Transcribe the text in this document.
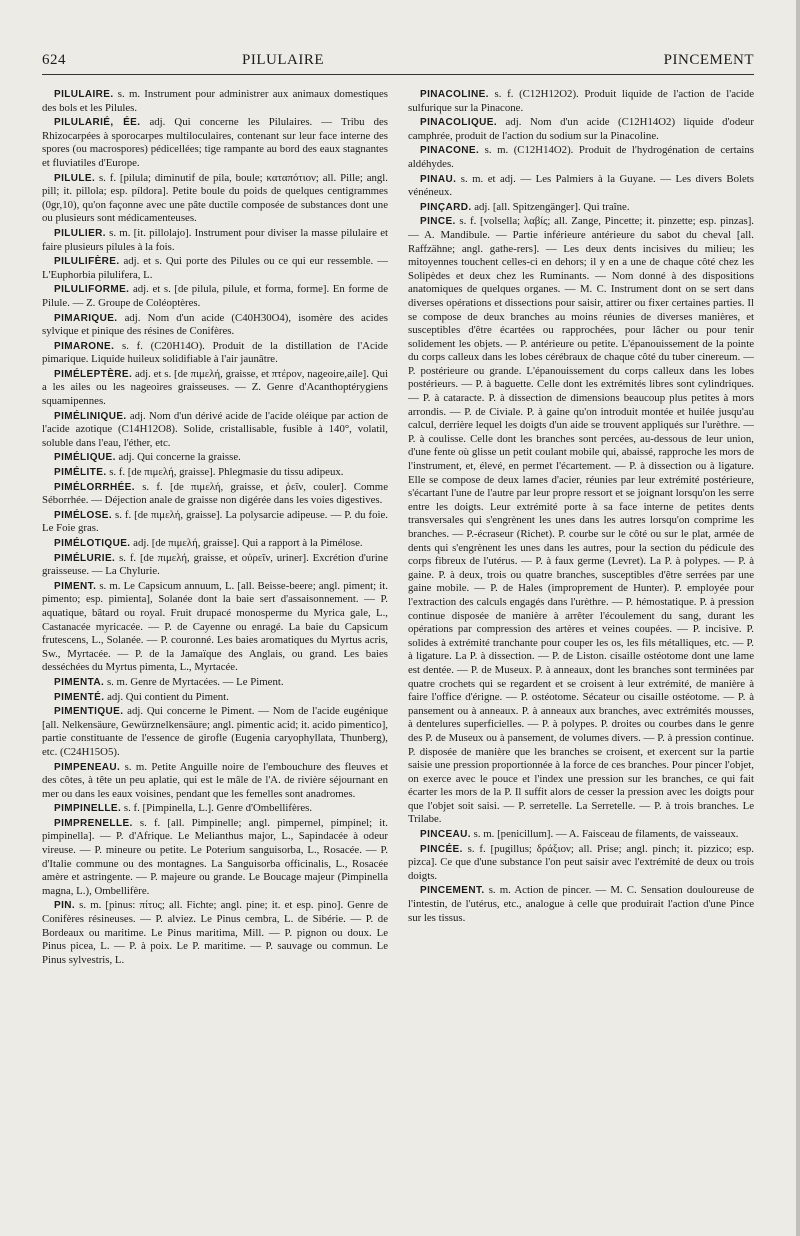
624	PILULAIRE	PINCEMENT

PILULAIRE. s. m. Instrument pour administrer aux animaux domestiques des bols et les Pilules.

PILULARIÉ, ÉE. adj. Qui concerne les Pilulaires. — Tribu des Rhizocarpées à sporocarpes multiloculaires, contenant sur leur face interne des spores (ou macrospores) pédicellées; tige rampante au bord des eaux stagnantes et fluviatiles d'Europe.

PILULE. s. f. [pilula; diminutif de pila, boule; καταπότιον; all. Pille; angl. pill; it. pillola; esp. píldora]. Petite boule du poids de quelques centigrammes (0gr,10), qu'on façonne avec une pâte ductile composée de substances dont une ou plusieurs sont médicamenteuses.

PILULIER. s. m. [it. pillolajo]. Instrument pour diviser la masse pilulaire et faire plusieurs pilules à la fois.

PILULIFÈRE. adj. et s. Qui porte des Pilules ou ce qui eur ressemble. — L'Euphorbia pilulifera, L.

PILULIFORME. adj. et s. [de pilula, pilule, et forma, forme]. En forme de Pilule. — Z. Groupe de Coléoptères.

PIMARIQUE. adj. Nom d'un acide (C40H30O4), isomère des acides sylvique et pinique des résines de Conifères.

PIMARONE. s. f. (C20H14O). Produit de la distillation de l'Acide pimarique. Liquide huileux solidifiable à l'air jaunâtre.

PIMÉLEPTÈRE. adj. et s. [de πιμελή, graisse, et πτέρον, nageoire,aile]. Qui a les ailes ou les nageoires graisseuses. — Z. Genre d'Acanthoptérygiens squamipennes.

PIMÉLINIQUE. adj. Nom d'un dérivé acide de l'acide oléique par action de l'acide azotique (C14H12O8). Solide, cristallisable, fusible à 140°, volatil, soluble dans l'eau, l'éther, etc.

PIMÉLIQUE. adj. Qui concerne la graisse.

PIMÉLITE. s. f. [de πιμελή, graisse]. Phlegmasie du tissu adipeux.

PIMÉLORRHÉE. s. f. [de πιμελή, graisse, et ῥεῖν, couler]. Comme Séborrhée. — Déjection anale de graisse non digérée dans les voies digestives.

PIMÉLOSE. s. f. [de πιμελή, graisse]. La polysarcie adipeuse. — P. du foie. Le Foie gras.

PIMÉLOTIQUE. adj. [de πιμελή, graisse]. Qui a rapport à la Pimélose.

PIMÉLURIE. s. f. [de πιμελή, graisse, et οὐρεῖν, uriner]. Excrétion d'urine graisseuse. — La Chylurie.

PIMENT. s. m. Le Capsicum annuum, L. [all. Beisse-beere; angl. piment; it. pimento; esp. pimienta], Solanée dont la baie sert d'assaisonnement. — P. aquatique, bâtard ou royal. Fruit drupacé monosperme du Myrica gale, L., Castanacée myricacée. — P. de Cayenne ou enragé. La baie du Capsicum frutescens, L., Solanée. — P. couronné. Les baies aromatiques du Myrtus acris, Sw., Myrtacée. — P. de la Jamaïque des Anglais, ou grand. Les baies desséchées du Myrtus pimenta, L., Myrtacée.

PIMENTA. s. m. Genre de Myrtacées. — Le Piment.

PIMENTÉ. adj. Qui contient du Piment.

PIMENTIQUE. adj. Qui concerne le Piment. — Nom de l'acide eugénique [all. Nelkensäure, Gewürznelkensäure; angl. pimentic acid; it. acido pimentico], partie constituante de l'essence de girofle (Eugenia caryophyllata, Thunberg), etc. (C24H15O5).

PIMPENEAU. s. m. Petite Anguille noire de l'embouchure des fleuves et des côtes, à tête un peu aplatie, qui est le mâle de l'A. de rivière séjournant en mer ou dans les eaux voisines, pendant que les femelles sont anadromes.

PIMPINELLE. s. f. [Pimpinella, L.]. Genre d'Ombellifères.

PIMPRENELLE. s. f. [all. Pimpinelle; angl. pimpernel, pimpinel; it. pimpinella]. — P. d'Afrique. Le Melianthus major, L., Sapindacée à odeur vireuse. — P. mineure ou petite. Le Poterium sanguisorba, L., Rosacée. — P. d'Italie commune ou des montagnes. La Sanguisorba officinalis, L., Rosacée amère et astringente. — P. majeure ou grande. Le Boucage majeur (Pimpinella magna, L.), Ombellifère.

PIN. s. m. [pinus: πίτυς; all. Fichte; angl. pine; it. et esp. pino]. Genre de Conifères résineuses. — P. alviez. Le Pinus cembra, L. de Sibérie. — P. de Bordeaux ou maritime. Le Pinus maritima, Mill. — P. pignon ou doux. Le Pinus picea, L. — P. à poix. Le P. maritime. — P. sauvage ou commun. Le Pinus sylvestris, L.

PINACOLINE. s. f. (C12H12O2). Produit liquide de l'action de l'acide sulfurique sur la Pinacone.

PINACOLIQUE. adj. Nom d'un acide (C12H14O2) liquide d'odeur camphrée, produit de l'action du sodium sur la Pinacoline.

PINACONE. s. m. (C12H14O2). Produit de l'hydrogénation de certains aldéhydes.

PINAU. s. m. et adj. — Les Palmiers à la Guyane. — Les divers Bolets vénéneux.

PINÇARD. adj. [all. Spitzengänger]. Qui traîne.

PINCE. s. f. [volsella; λαβίς; all. Zange, Pincette; it. pinzette; esp. pinzas]. — A. Mandibule. — Partie inférieure antérieure du sabot du cheval [all. Raffzähne; angl. gathe-rers]. — Les deux dents incisives du milieu; les mitoyennes touchent celles-ci en dehors; il y en a une de chaque côté chez les Solipèdes et deux chez les Ruminants. — Nom donné à des dispositions anatomiques de quelques organes. — M. C. Instrument dont on se sert dans diverses opérations et dissections pour saisir, attirer ou fixer certaines parties. Il se compose de deux branches au moins réunies de diverses manières, et susceptibles d'être écartées ou rapprochées, pour lâcher ou pour tenir solidement les objets. — P. antérieure ou petite. L'épanouissement de la pointe du corps calleux dans les lobes cérébraux de chaque côté du tuber cinereum. — P. postérieure ou grande. L'épanouissement du corps calleux dans les lobes postérieurs. — P. à baguette. Celle dont les extrémités libres sont cylindriques. — P. à cataracte. P. à dissection de dimensions beaucoup plus petites à mors arrondis. — P. de Civiale. P. à gaine qu'on introduit montée et huilée jusqu'au calcul, derrière lequel les doigts d'un aide se trouvent appliqués sur l'urèthre. — P. à coulisse. Celle dont les branches sont percées, au-dessous de leur union, d'une fente où glisse un petit coulant mobile qui, abaissé, rapproche les mors de l'instrument, et, élevé, en permet l'écartement. — P. à dissection ou à ligature. Elle se compose de deux lames d'acier, réunies par leur extrémité postérieure, s'écartant l'une de l'autre par leur propre ressort et se joignant lorsqu'on les serre entre les doigts. Leur extrémité porte à sa face interne de petites dents transversales qui s'engrènent les unes dans les autres lorsqu'on comprime les branches. — P.-écraseur (Richet). P. courbe sur le côté ou sur le plat, armée de dents qui s'engrènent les unes dans les autres, pour la section du pédicule des corps fibreux de l'utérus. — P. à faux germe (Levret). La P. à polypes. — P. à gaine. P. à deux, trois ou quatre branches, susceptibles d'être serrées par une gaine mobile. — P. de Hales (improprement de Hunter). P. employée pour l'extraction des calculs engagés dans l'urèthre. — P. hémostatique. P. à pression continue disposée de manière à arrêter l'écoulement du sang, durant les opérations par compression des artères et veines coupées. — P. incisive. P. solides à extrémité tranchante pour couper les os, les fils métalliques, etc. — P. à ligature. La P. à dissection. — P. de Liston. cisaille ostéotome dont une lame est dentée. — P. de Museux. P. à anneaux, dont les branches sont terminées par quatre crochets qui se regardent et se croisent à leur extrémité, de manière à faire l'office d'érigne. — P. ostéotome. Sécateur ou cisaille ostéotome. — P. à pansement ou à anneaux. P. à anneaux aux branches, avec extrémités mousses, à dentelures superficielles. — P. à polypes. P. droites ou courbes dans le genre des P. de Museux ou à pansement, de volumes divers. — P. à pression continue. P. disposée de manière que les branches se croisent, et exercent sur la partie saisie une pression proportionnée à la force de ces branches. Pour pincer l'objet, on exerce avec le pouce et l'index une pression sur les branches, ce qui fait écarter les mors de la P. Il suffit alors de cesser la pression avec les doigts pour que l'objet soit saisi. — P. serretelle. La Serretelle. — P. à trois branches. Le Trilabe.

PINCEAU. s. m. [penicillum]. — A. Faisceau de filaments, de vaisseaux.

PINCÉE. s. f. [pugillus; δράξιον; all. Prise; angl. pinch; it. pizzico; esp. pizca]. Ce que d'une substance l'on peut saisir avec l'extrémité de deux ou trois doigts.

PINCEMENT. s. m. Action de pincer. — M. C. Sensation douloureuse de l'intestin, de l'utérus, etc., analogue à celle que produirait l'action d'une Pince sur les tissus.
